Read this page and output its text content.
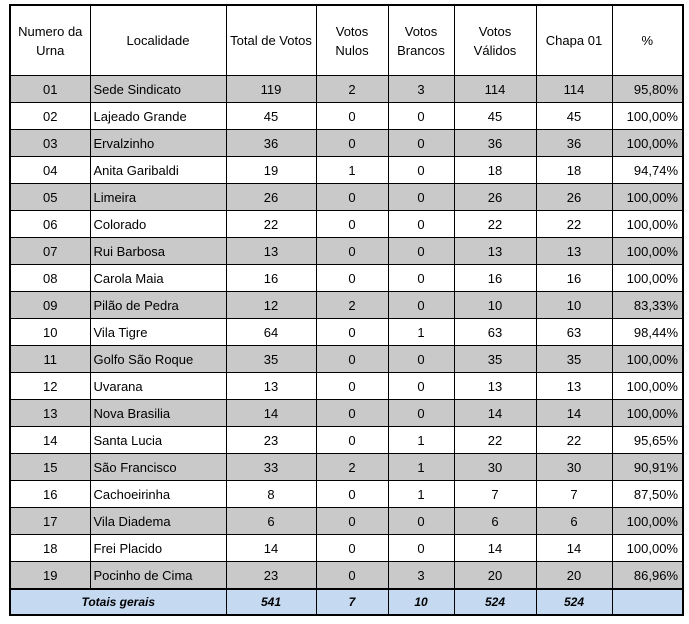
Numero da Urna	Localidade	Total de Votos	Votos Nulos	Votos Brancos	Votos Válidos	Chapa 01	%
01	Sede Sindicato	119	2	3	114	114	95,80%
02	Lajeado Grande	45	0	0	45	45	100,00%
03	Ervalzinho	36	0	0	36	36	100,00%
04	Anita Garibaldi	19	1	0	18	18	94,74%
05	Limeira	26	0	0	26	26	100,00%
06	Colorado	22	0	0	22	22	100,00%
07	Rui Barbosa	13	0	0	13	13	100,00%
08	Carola Maia	16	0	0	16	16	100,00%
09	Pilão de Pedra	12	2	0	10	10	83,33%
10	Vila Tigre	64	0	1	63	63	98,44%
11	Golfo São Roque	35	0	0	35	35	100,00%
12	Uvarana	13	0	0	13	13	100,00%
13	Nova Brasilia	14	0	0	14	14	100,00%
14	Santa Lucia	23	0	1	22	22	95,65%
15	São Francisco	33	2	1	30	30	90,91%
16	Cachoeirinha	8	0	1	7	7	87,50%
17	Vila Diadema	6	0	0	6	6	100,00%
18	Frei Placido	14	0	0	14	14	100,00%
19	Pocinho de Cima	23	0	3	20	20	86,96%
Totais gerais		541	7	10	524	524	
